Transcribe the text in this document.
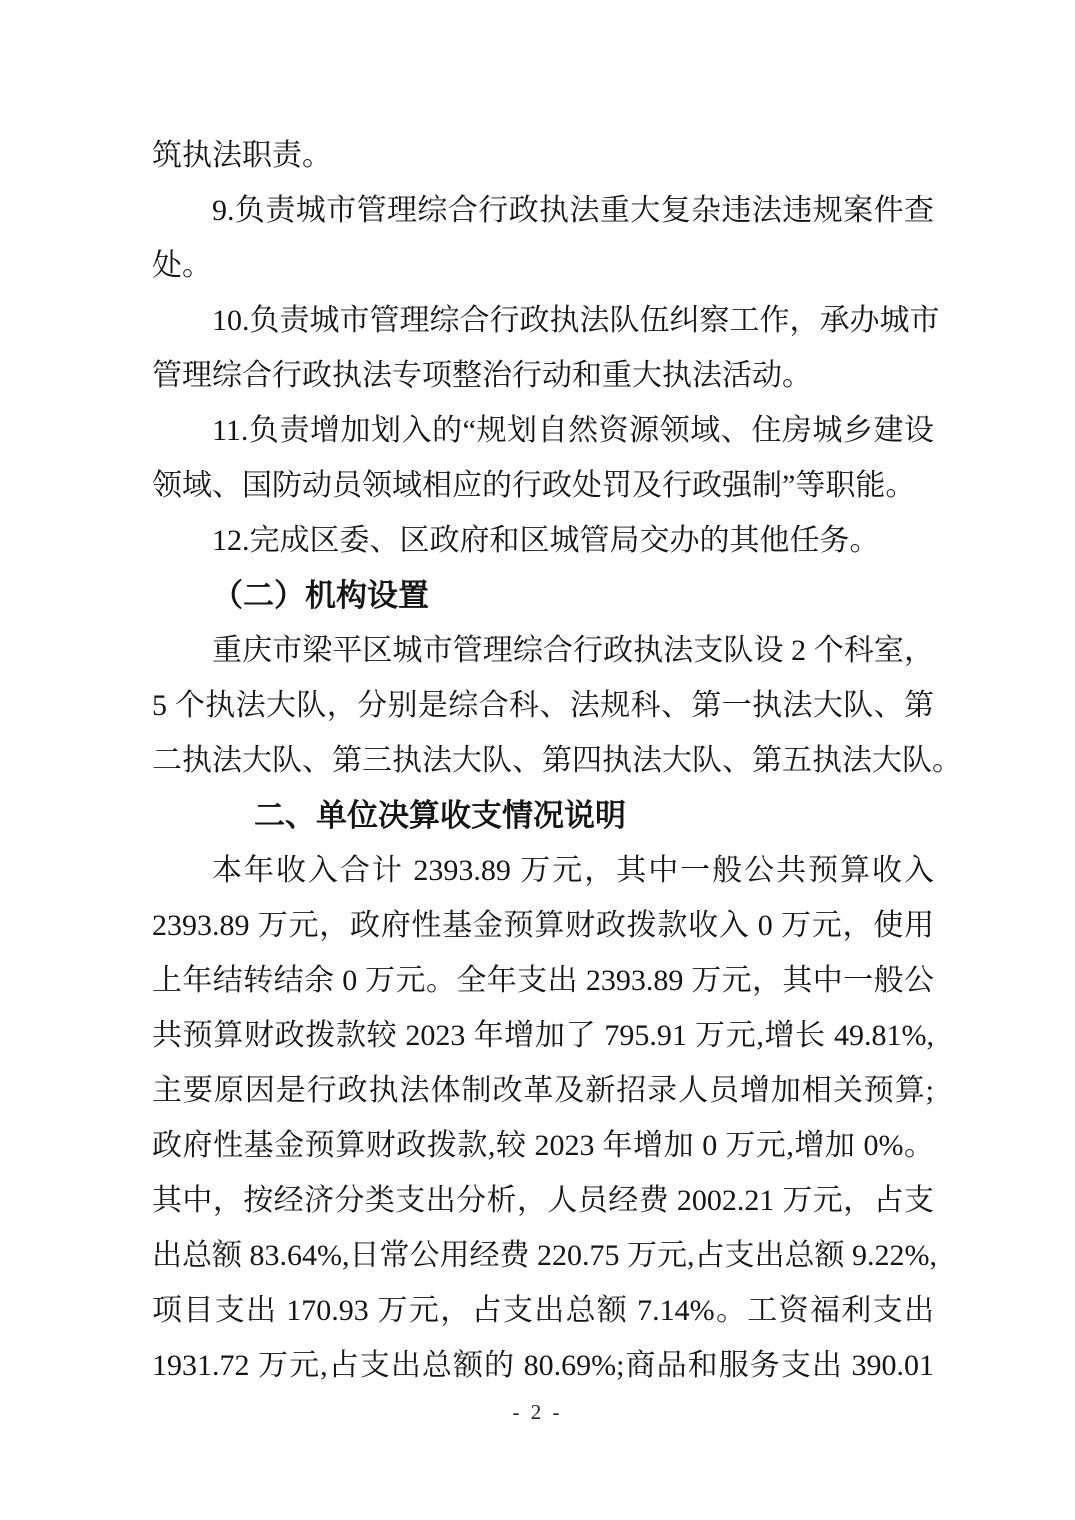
筑执法职责。
9.负责城市管理综合行政执法重大复杂违法违规案件查
处。
10.负责城市管理综合行政执法队伍纠察工作，承办城市
管理综合行政执法专项整治行动和重大执法活动。
11.负责增加划入的“规划自然资源领域、住房城乡建设
领域、国防动员领域相应的行政处罚及行政强制”等职能。
12.完成区委、区政府和区城管局交办的其他任务。
（二）机构设置
重庆市梁平区城市管理综合行政执法支队设 2 个科室，
5 个执法大队，分别是综合科、法规科、第一执法大队、第
二执法大队、第三执法大队、第四执法大队、第五执法大队。
二、单位决算收支情况说明
本年收入合计 2393.89 万元，其中一般公共预算收入
2393.89 万元，政府性基金预算财政拨款收入 0 万元，使用
上年结转结余 0 万元。全年支出 2393.89 万元，其中一般公
共预算财政拨款较 2023 年增加了 795.91 万元,增长 49.81%,
主要原因是行政执法体制改革及新招录人员增加相关预算;
政府性基金预算财政拨款,较 2023 年增加 0 万元,增加 0%。
其中，按经济分类支出分析，人员经费 2002.21 万元，占支
出总额 83.64%,日常公用经费 220.75 万元,占支出总额 9.22%,
项目支出 170.93 万元，占支出总额 7.14%。工资福利支出
1931.72 万元,占支出总额的 80.69%;商品和服务支出 390.01
- 2 -
